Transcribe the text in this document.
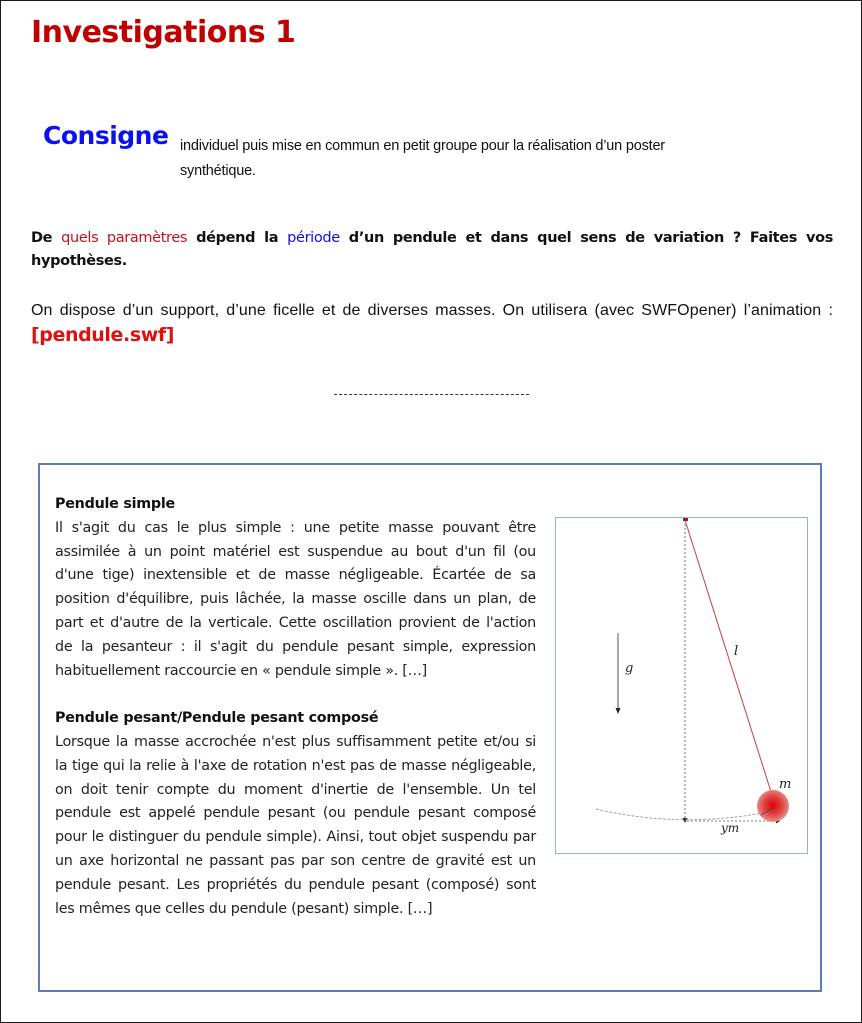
Investigations 1
Consigne individuel puis mise en commun en petit groupe pour la réalisation d’un poster synthétique.

De quels paramètres dépend la période d’un pendule et dans quel sens de variation ? Faites vos hypothèses.

On dispose d’un support, d’une ficelle et de diverses masses. On utilisera (avec SWFOpener) l’animation : [pendule.swf]

Pendule simple
Il s'agit du cas le plus simple : une petite masse pouvant être assimilée à un point matériel est suspendue au bout d'un fil (ou d'une tige) inextensible et de masse négligeable. Écartée de sa position d'équilibre, puis lâchée, la masse oscille dans un plan, de part et d'autre de la verticale. Cette oscillation provient de l'action de la pesanteur : il s'agit du pendule pesant simple, expression habituellement raccourcie en « pendule simple ». […]
Pendule pesant/Pendule pesant composé
Lorsque la masse accrochée n'est plus suffisamment petite et/ou si la tige qui la relie à l'axe de rotation n'est pas de masse négligeable, on doit tenir compte du moment d'inertie de l'ensemble. Un tel pendule est appelé pendule pesant (ou pendule pesant composé pour le distinguer du pendule simple). Ainsi, tout objet suspendu par un axe horizontal ne passant pas par son centre de gravité est un pendule pesant. Les propriétés du pendule pesant (composé) sont les mêmes que celles du pendule (pesant) simple. […]
g
l
m
ym
